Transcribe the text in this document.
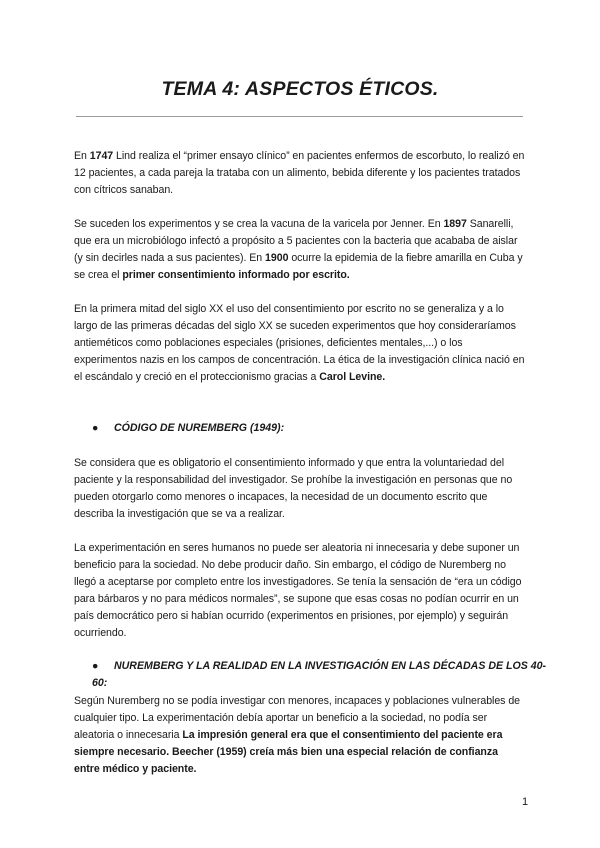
TEMA 4: ASPECTOS ÉTICOS.

En 1747 Lind realiza el “primer ensayo clínico” en pacientes enfermos de escorbuto, lo realizó en 12 pacientes, a cada pareja la trataba con un alimento, bebida diferente y los pacientes tratados con cítricos sanaban.

Se suceden los experimentos y se crea la vacuna de la varicela por Jenner. En 1897 Sanarelli, que era un microbiólogo infectó a propósito a 5 pacientes con la bacteria que acababa de aislar (y sin decirles nada a sus pacientes). En 1900 ocurre la epidemia de la fiebre amarilla en Cuba y se crea el primer consentimiento informado por escrito.

En la primera mitad del siglo XX el uso del consentimiento por escrito no se generaliza y a lo largo de las primeras décadas del siglo XX se suceden experimentos que hoy consideraríamos antieméticos como poblaciones especiales (prisiones, deficientes mentales,...) o los experimentos nazis en los campos de concentración. La ética de la investigación clínica nació en el escándalo y creció en el proteccionismo gracias a Carol Levine.

● CÓDIGO DE NUREMBERG (1949):

Se considera que es obligatorio el consentimiento informado y que entra la voluntariedad del paciente y la responsabilidad del investigador. Se prohíbe la investigación en personas que no pueden otorgarlo como menores o incapaces, la necesidad de un documento escrito que describa la investigación que se va a realizar.

La experimentación en seres humanos no puede ser aleatoria ni innecesaria y debe suponer un beneficio para la sociedad. No debe producir daño. Sin embargo, el código de Nuremberg no llegó a aceptarse por completo entre los investigadores. Se tenía la sensación de “era un código para bárbaros y no para médicos normales”, se supone que esas cosas no podían ocurrir en un país democrático pero si habían ocurrido (experimentos en prisiones, por ejemplo) y seguirán ocurriendo.

● NUREMBERG Y LA REALIDAD EN LA INVESTIGACIÓN EN LAS DÉCADAS DE LOS 40-60:

Según Nuremberg no se podía investigar con menores, incapaces y poblaciones vulnerables de cualquier tipo. La experimentación debía aportar un beneficio a la sociedad, no podía ser aleatoria o innecesaria La impresión general era que el consentimiento del paciente era siempre necesario. Beecher (1959) creía más bien una especial relación de confianza entre médico y paciente.

1
